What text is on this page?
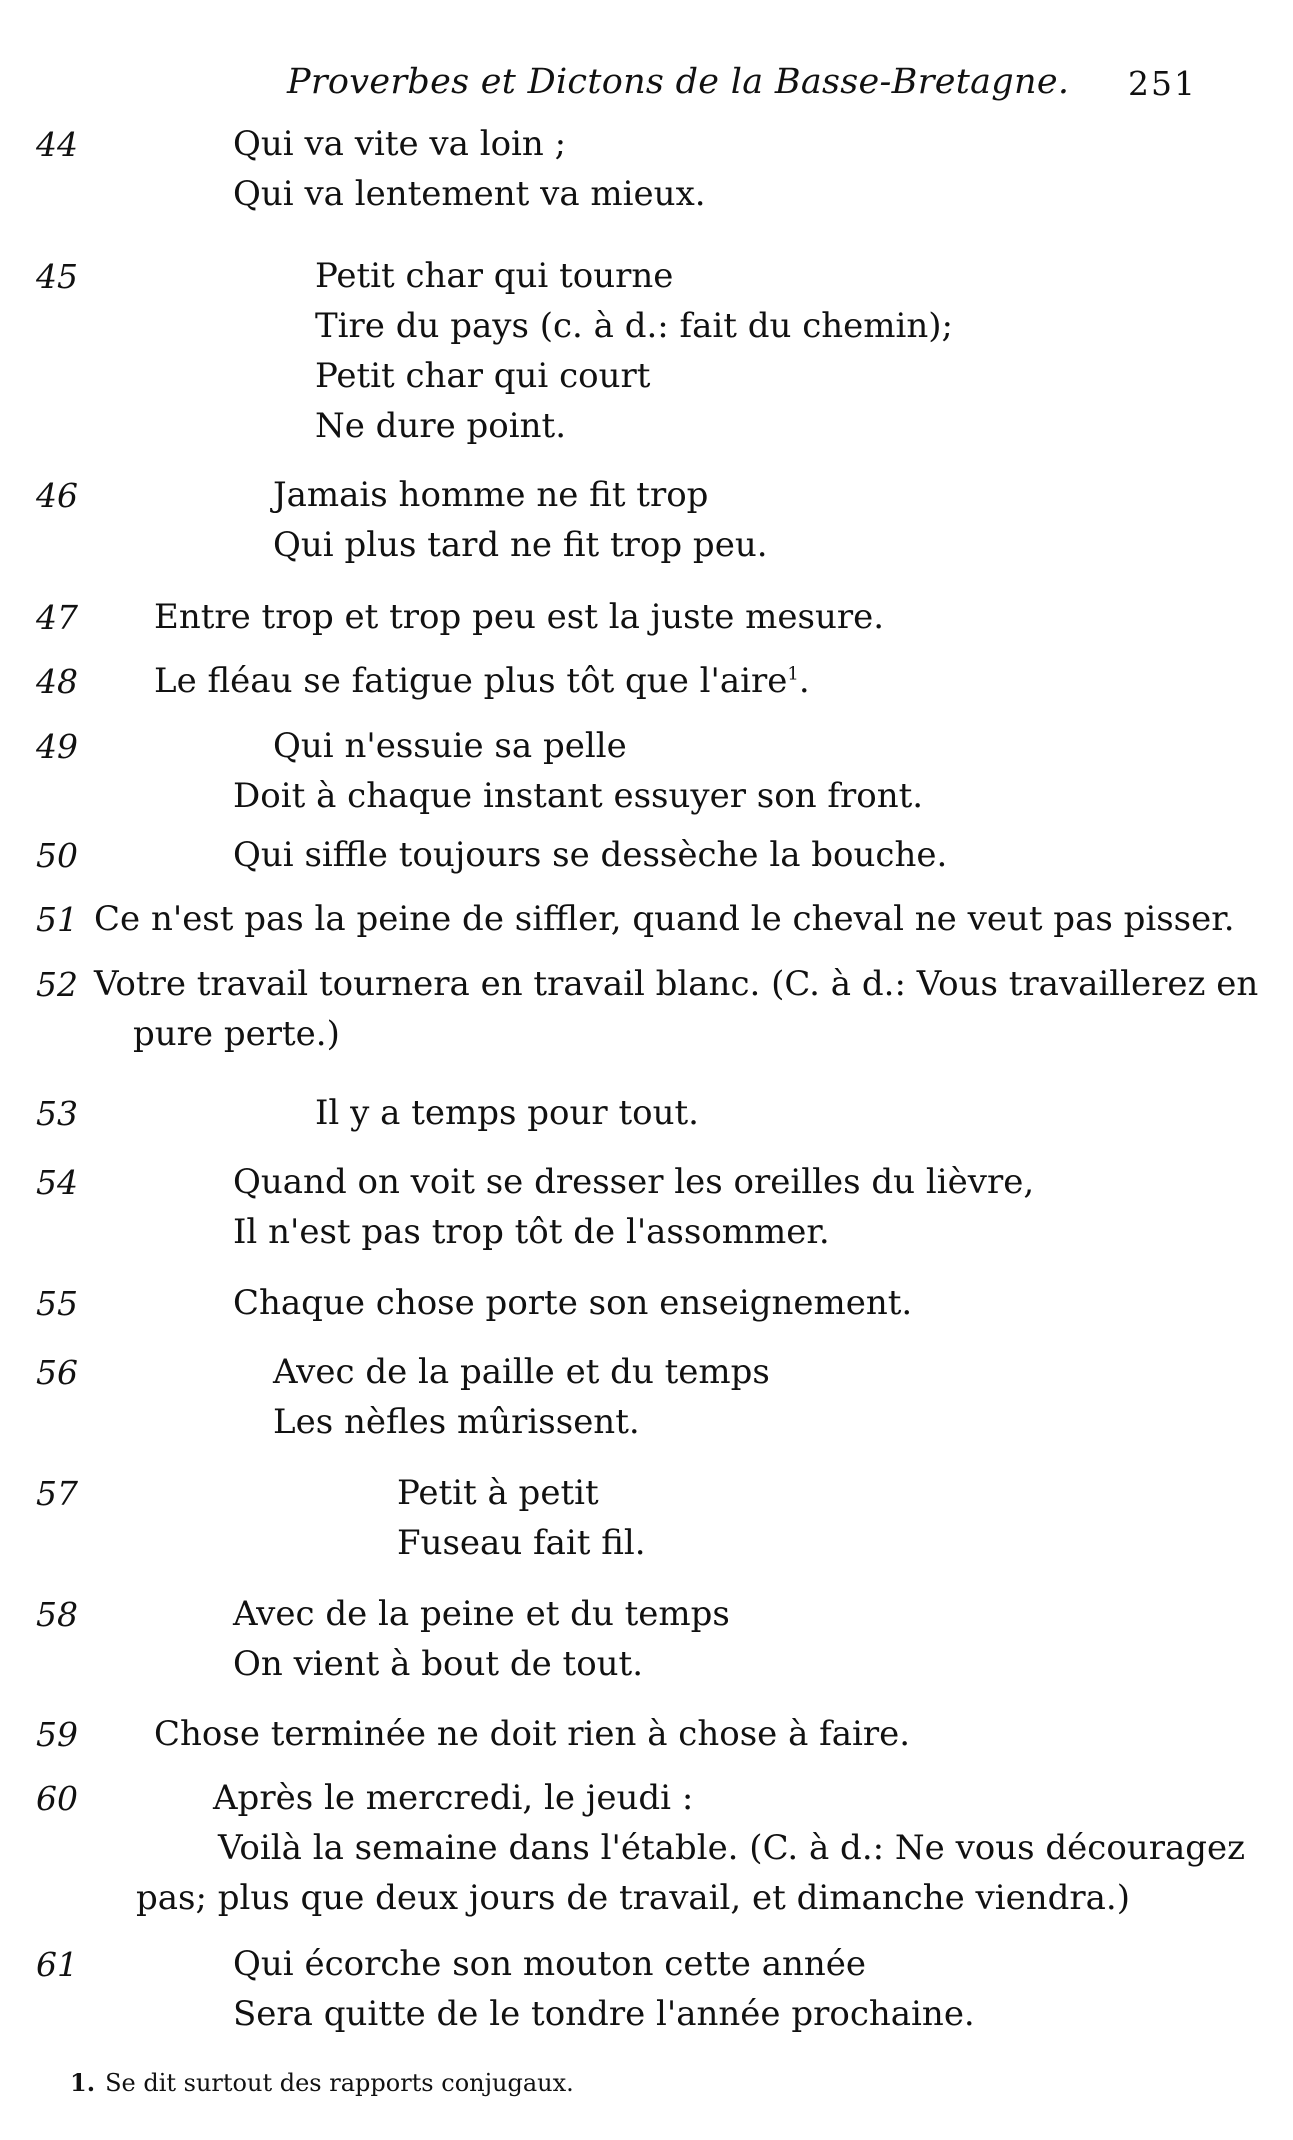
Proverbes et Dictons de la Basse-Bretagne. 251
44	Qui va vite va loin ;
Qui va lentement va mieux.
45	Petit char qui tourne
Tire du pays (c. à d.: fait du chemin);
Petit char qui court
Ne dure point.
46	Jamais homme ne fit trop
Qui plus tard ne fit trop peu.
47	Entre trop et trop peu est la juste mesure.
48	Le fléau se fatigue plus tôt que l'aire$^1$.
49	Qui n'essuie sa pelle
Doit à chaque instant essuyer son front.
50	Qui siffle toujours se dessèche la bouche.
51 Ce n'est pas la peine de siffler, quand le cheval ne veut pas pisser.
52 Votre travail tournera en travail blanc. (C. à d.: Vous travaillerez en
pure perte.)
53	Il y a temps pour tout.
54	Quand on voit se dresser les oreilles du lièvre,
Il n'est pas trop tôt de l'assommer.
55	Chaque chose porte son enseignement.
56	Avec de la paille et du temps
Les nèfles mûrissent.
57	Petit à petit
Fuseau fait fil.
58	Avec de la peine et du temps
On vient à bout de tout.
59	Chose terminée ne doit rien à chose à faire.
60	Après le mercredi, le jeudi :
Voilà la semaine dans l'étable. (C. à d.: Ne vous découragez
pas; plus que deux jours de travail, et dimanche viendra.)
61	Qui écorche son mouton cette année
Sera quitte de le tondre l'année prochaine.
1. Se dit surtout des rapports conjugaux.
